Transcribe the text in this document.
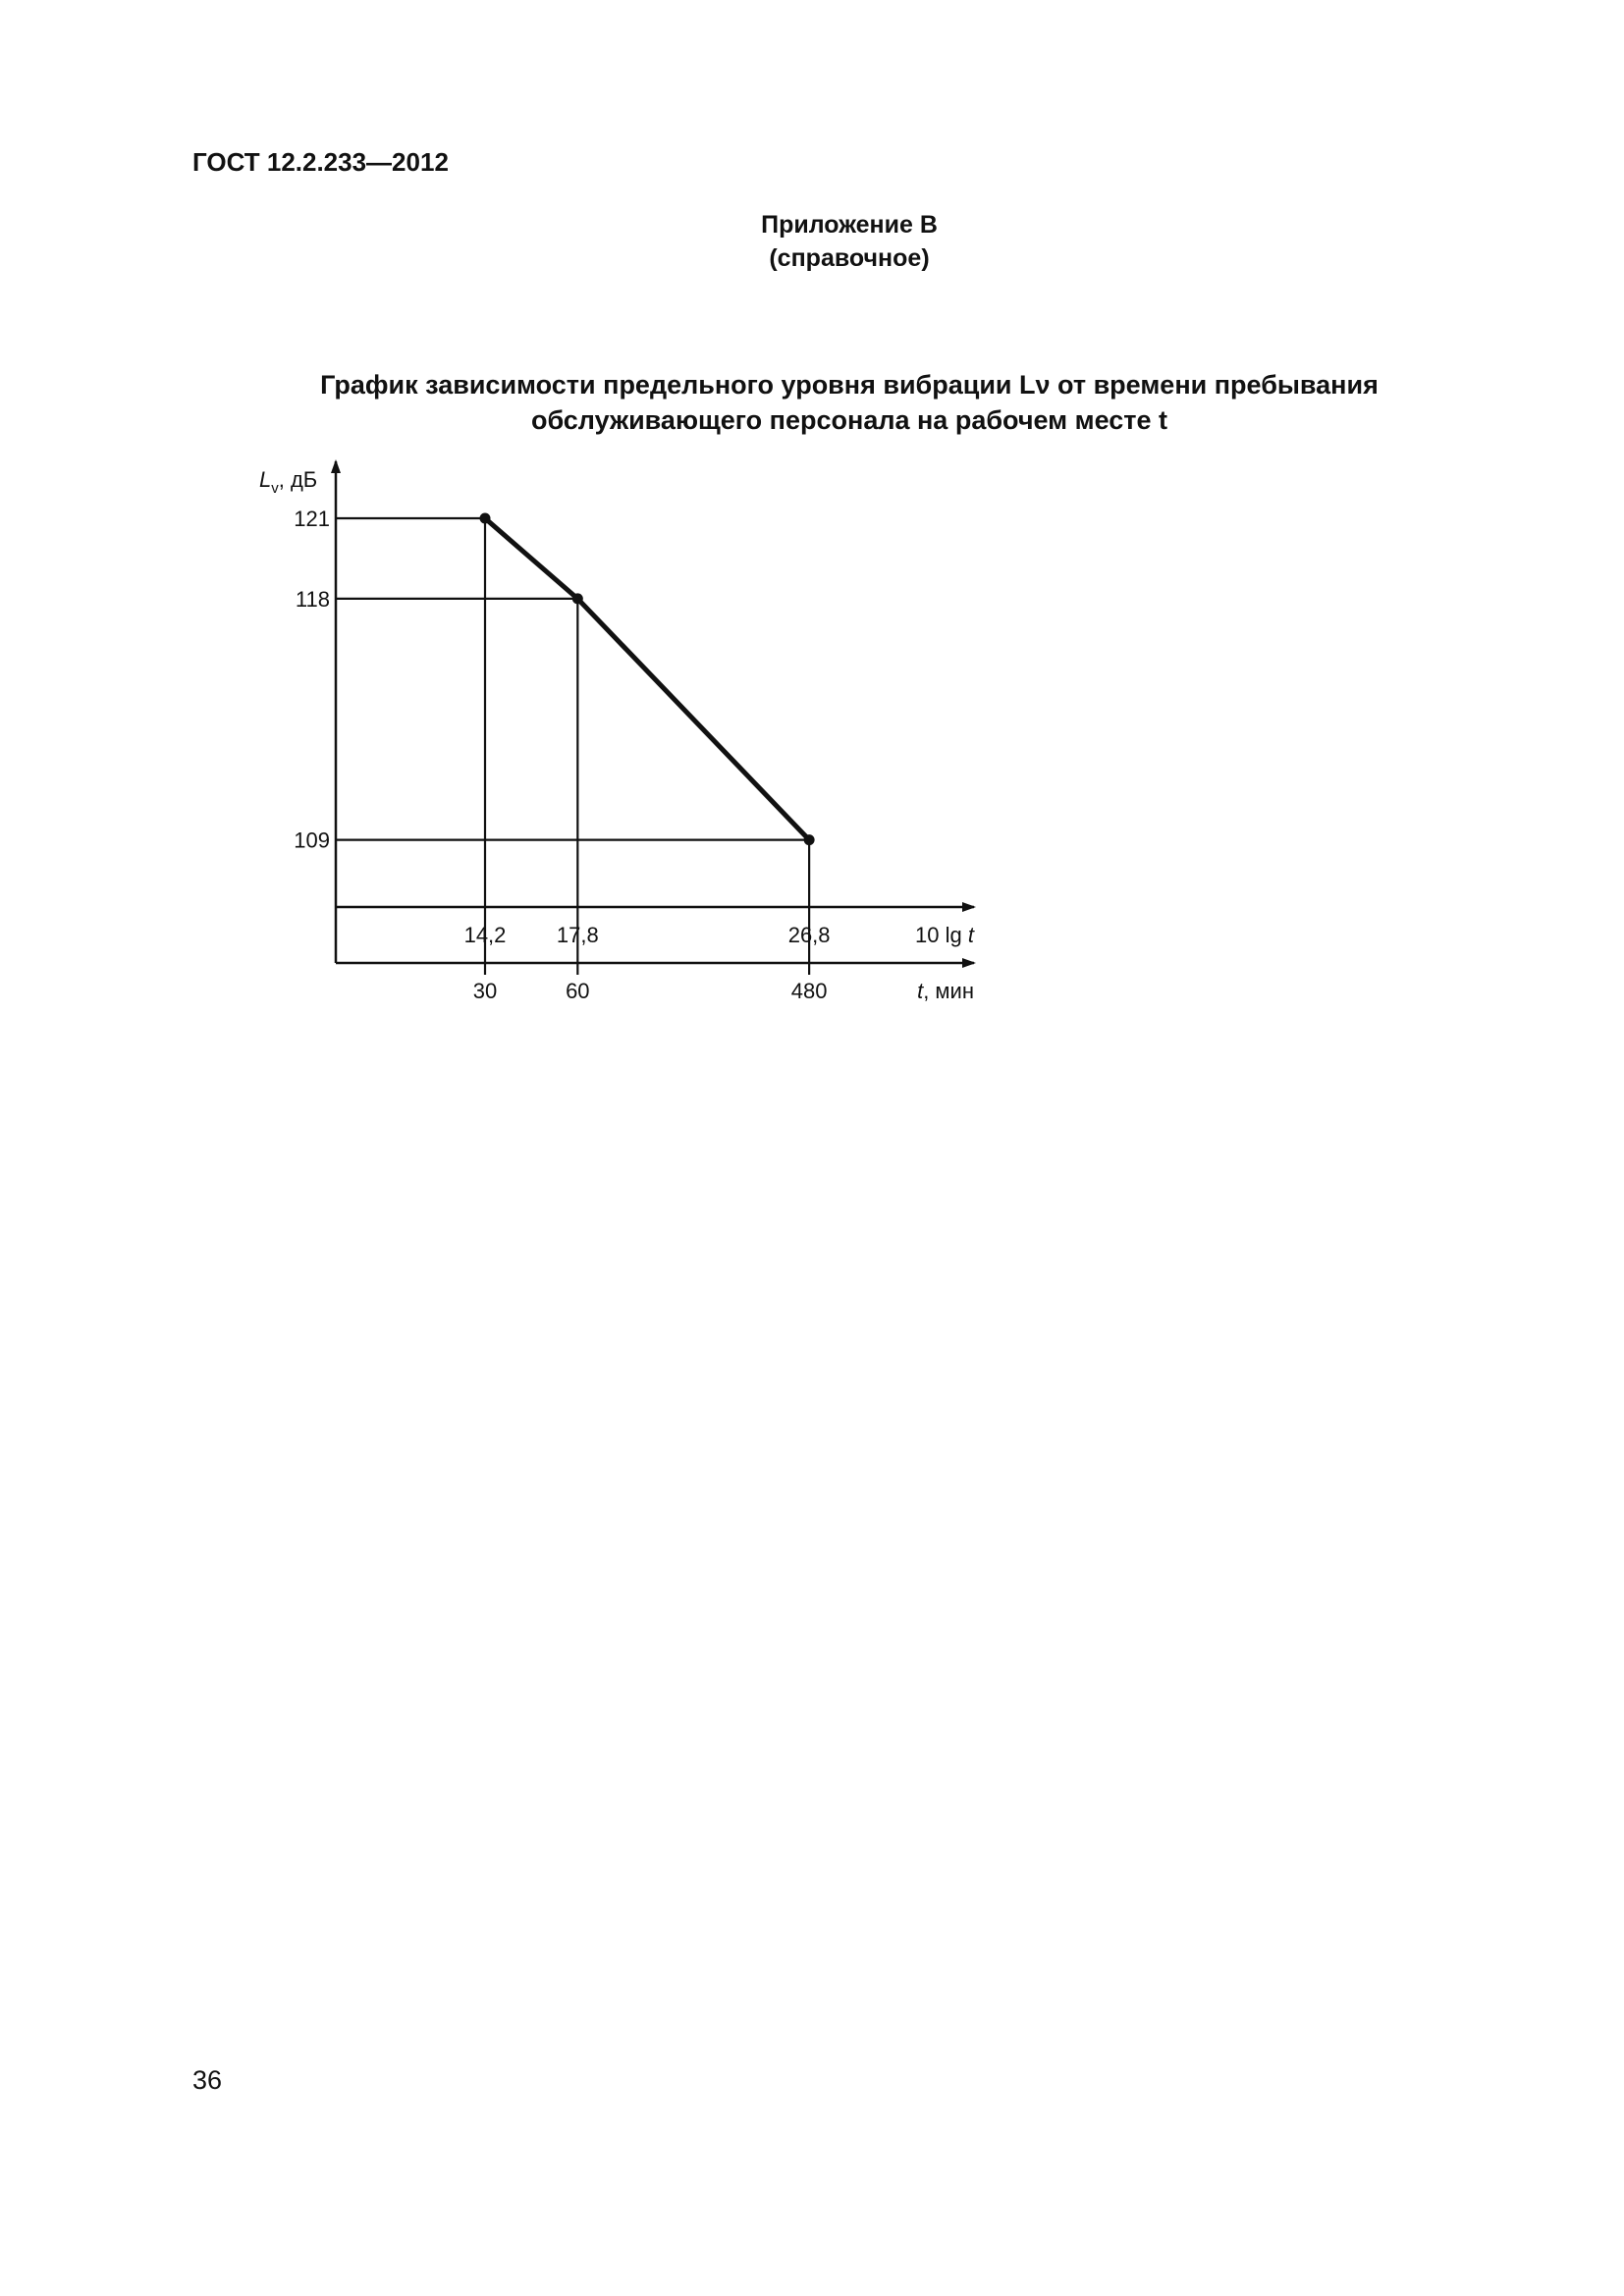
ГОСТ 12.2.233—2012
Приложение В
(справочное)
График зависимости предельного уровня вибрации Lν от времени пребывания
обслуживающего персонала на рабочем месте t
$L_v$, дБ
10 lg t
t, мин
121
118
109
14,2 17,8	26,8
30	60	480
36
